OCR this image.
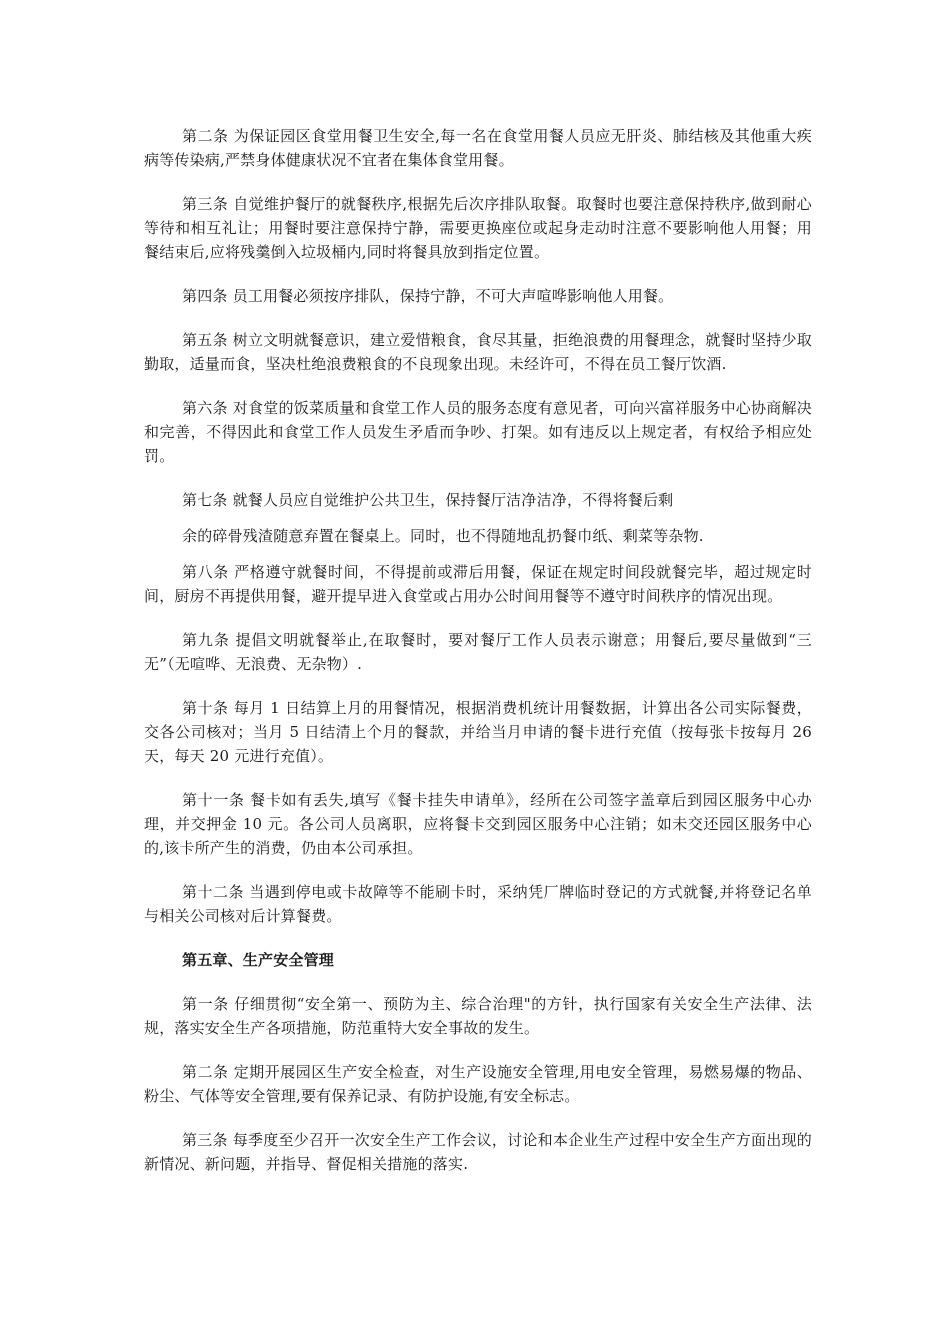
第二条 为保证园区食堂用餐卫生安全,每一名在食堂用餐人员应无肝炎、肺结核及其他重大疾病等传染病,严禁身体健康状况不宜者在集体食堂用餐。

第三条 自觉维护餐厅的就餐秩序,根据先后次序排队取餐。取餐时也要注意保持秩序,做到耐心等待和相互礼让；用餐时要注意保持宁静，需要更换座位或起身走动时注意不要影响他人用餐；用餐结束后,应将残羹倒入垃圾桶内,同时将餐具放到指定位置。

第四条 员工用餐必须按序排队，保持宁静，不可大声喧哗影响他人用餐。

第五条 树立文明就餐意识，建立爱惜粮食，食尽其量，拒绝浪费的用餐理念，就餐时坚持少取勤取，适量而食，坚决杜绝浪费粮食的不良现象出现。未经许可，不得在员工餐厅饮酒.

第六条 对食堂的饭菜质量和食堂工作人员的服务态度有意见者，可向兴富祥服务中心协商解决和完善，不得因此和食堂工作人员发生矛盾而争吵、打架。如有违反以上规定者，有权给予相应处罚。

第七条 就餐人员应自觉维护公共卫生，保持餐厅洁净洁净，不得将餐后剩

余的碎骨残渣随意弃置在餐桌上。同时，也不得随地乱扔餐巾纸、剩菜等杂物.

第八条 严格遵守就餐时间，不得提前或滞后用餐，保证在规定时间段就餐完毕，超过规定时间，厨房不再提供用餐，避开提早进入食堂或占用办公时间用餐等不遵守时间秩序的情况出现。

第九条 提倡文明就餐举止,在取餐时，要对餐厅工作人员表示谢意；用餐后,要尽量做到“三无”（无喧哗、无浪费、无杂物）.

第十条 每月 1 日结算上月的用餐情况，根据消费机统计用餐数据，计算出各公司实际餐费，交各公司核对；当月 5 日结清上个月的餐款，并给当月申请的餐卡进行充值（按每张卡按每月 26 天，每天 20 元进行充值）。

第十一条 餐卡如有丢失,填写《餐卡挂失申请单》，经所在公司签字盖章后到园区服务中心办理，并交押金 10 元。各公司人员离职，应将餐卡交到园区服务中心注销；如未交还园区服务中心的,该卡所产生的消费，仍由本公司承担。

第十二条 当遇到停电或卡故障等不能刷卡时，采纳凭厂牌临时登记的方式就餐,并将登记名单与相关公司核对后计算餐费。

第五章、生产安全管理

第一条 仔细贯彻“安全第一、预防为主、综合治理"的方针，执行国家有关安全生产法律、法规，落实安全生产各项措施，防范重特大安全事故的发生。

第二条 定期开展园区生产安全检查，对生产设施安全管理,用电安全管理，易燃易爆的物品、粉尘、气体等安全管理,要有保养记录、有防护设施,有安全标志。

第三条 每季度至少召开一次安全生产工作会议，讨论和本企业生产过程中安全生产方面出现的新情况、新问题，并指导、督促相关措施的落实.
